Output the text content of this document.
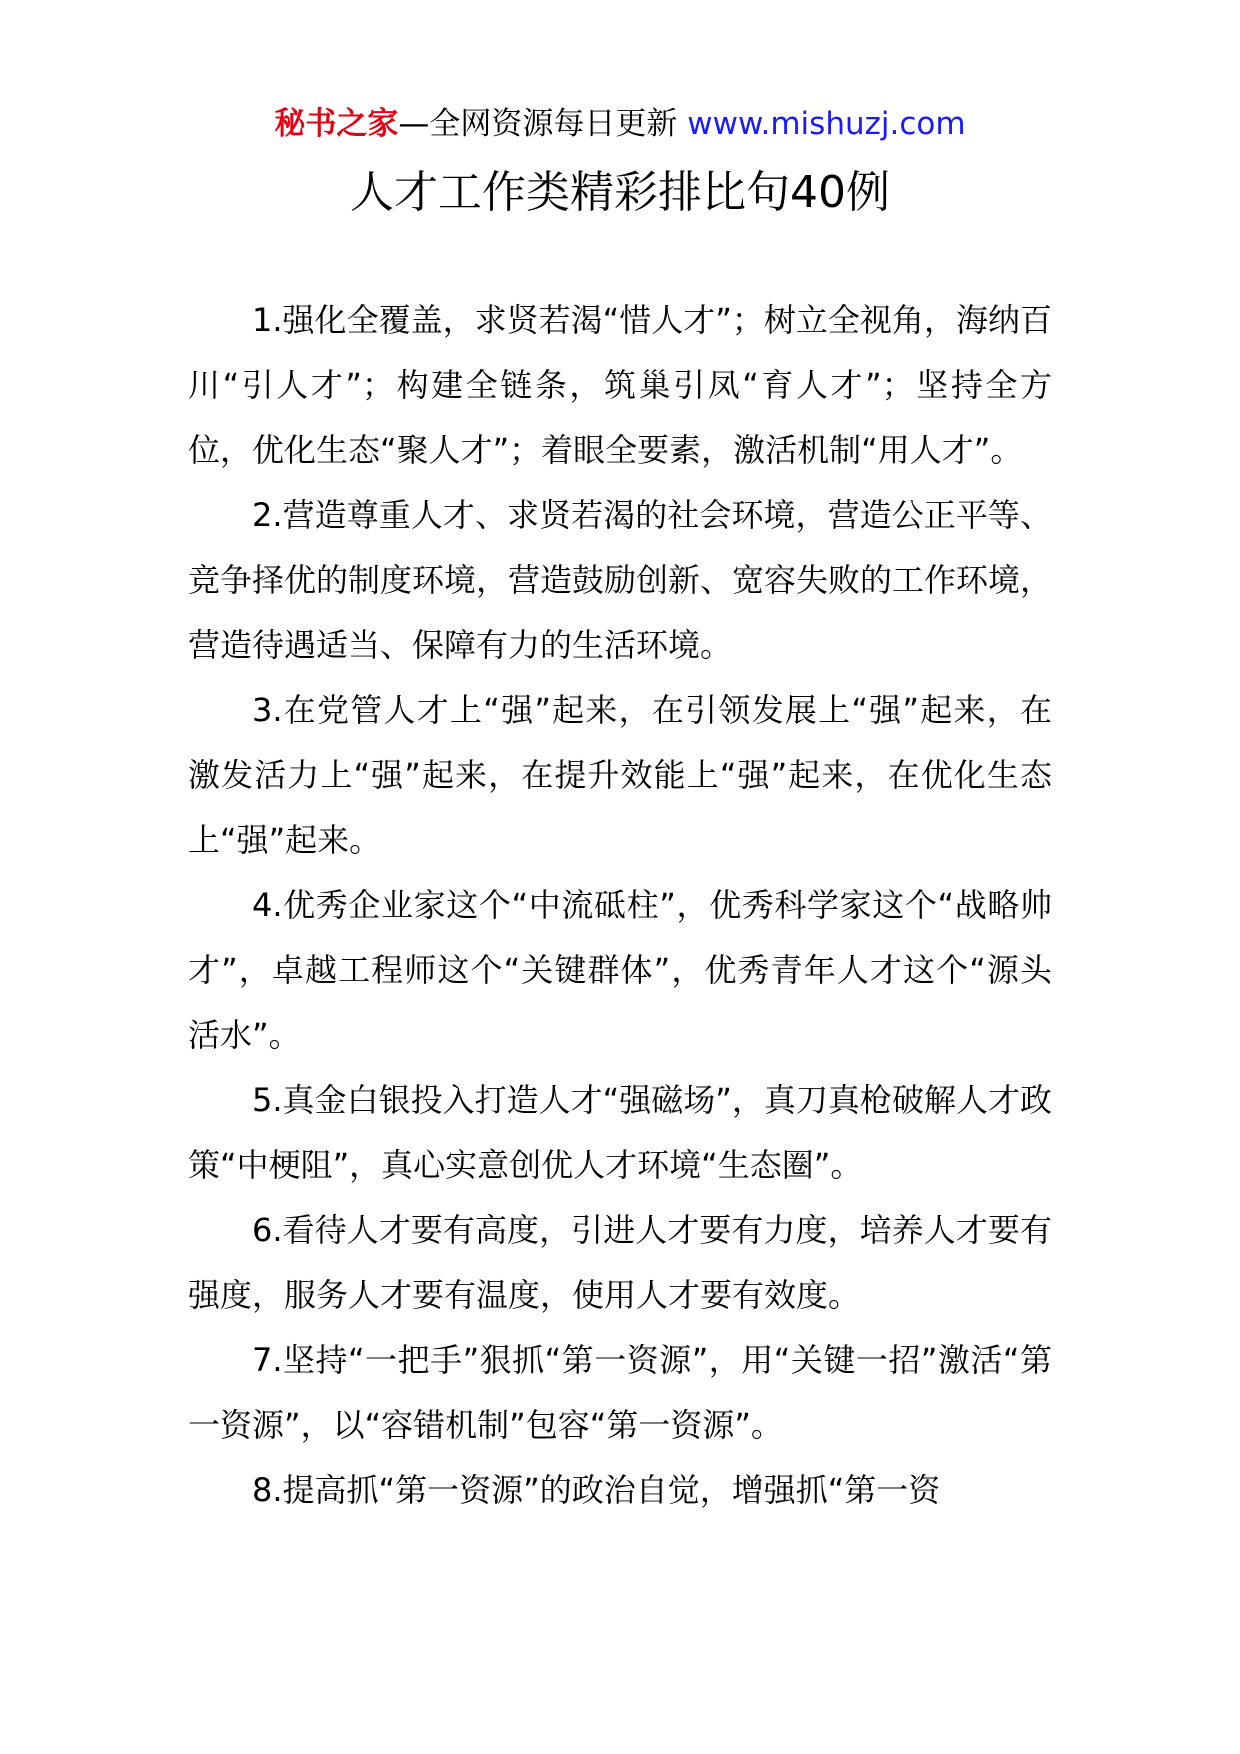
秘书之家—全网资源每日更新 www.mishuzj.com
人才工作类精彩排比句40例

1.强化全覆盖，求贤若渴“惜人才”；树立全视角，海纳百川“引人才”；构建全链条，筑巢引凤“育人才”；坚持全方位，优化生态“聚人才”；着眼全要素，激活机制“用人才”。

2.营造尊重人才、求贤若渴的社会环境，营造公正平等、竞争择优的制度环境，营造鼓励创新、宽容失败的工作环境，营造待遇适当、保障有力的生活环境。

3.在党管人才上“强”起来，在引领发展上“强”起来，在激发活力上“强”起来，在提升效能上“强”起来，在优化生态上“强”起来。

4.优秀企业家这个“中流砥柱”，优秀科学家这个“战略帅才”，卓越工程师这个“关键群体”，优秀青年人才这个“源头活水”。

5.真金白银投入打造人才“强磁场”，真刀真枪破解人才政策“中梗阻”，真心实意创优人才环境“生态圈”。

6.看待人才要有高度，引进人才要有力度，培养人才要有强度，服务人才要有温度，使用人才要有效度。

7.坚持“一把手”狠抓“第一资源”，用“关键一招”激活“第一资源”，以“容错机制”包容“第一资源”。

8.提高抓“第一资源”的政治自觉，增强抓“第一资
